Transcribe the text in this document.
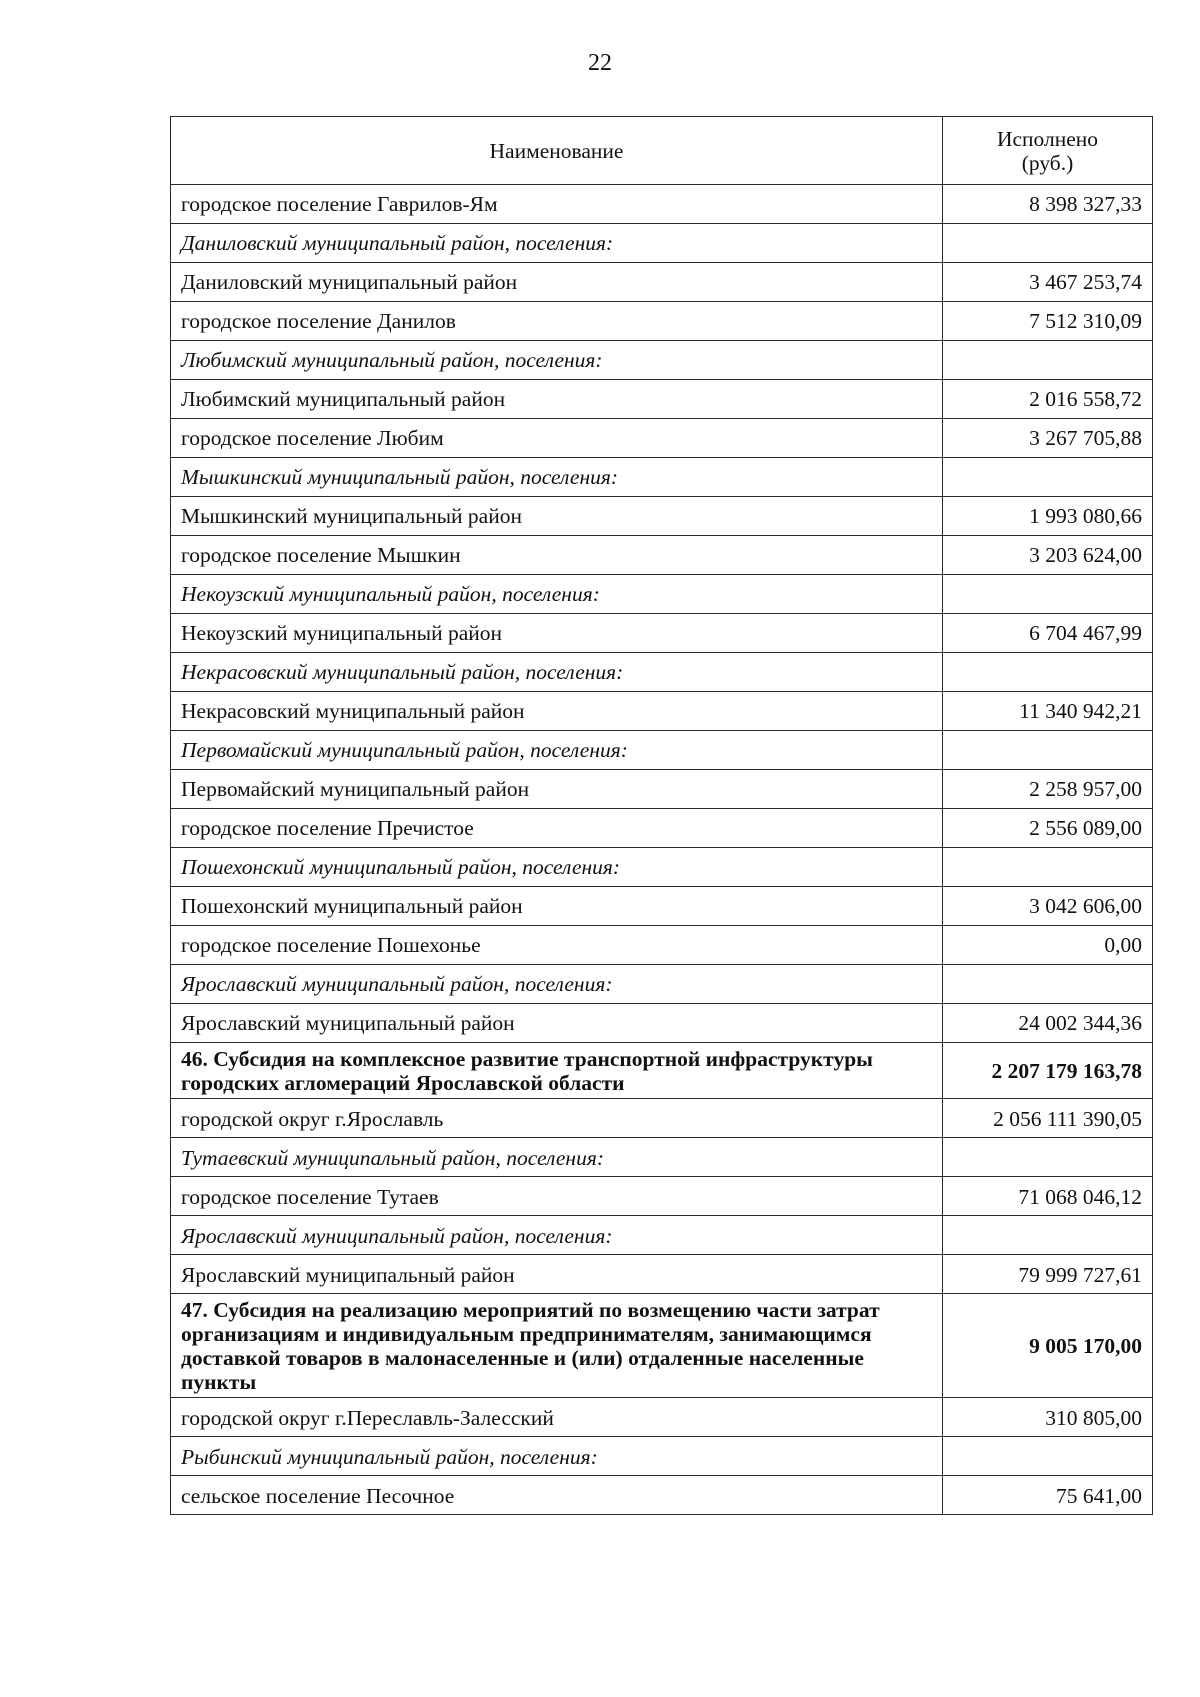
22
Наименование	Исполнено (руб.)
городское поселение Гаврилов-Ям	8 398 327,33
Даниловский муниципальный район, поселения:	
Даниловский муниципальный район	3 467 253,74
городское поселение Данилов	7 512 310,09
Любимский муниципальный район, поселения:	
Любимский муниципальный район	2 016 558,72
городское поселение Любим	3 267 705,88
Мышкинский муниципальный район, поселения:	
Мышкинский муниципальный район	1 993 080,66
городское поселение Мышкин	3 203 624,00
Некоузский муниципальный район, поселения:	
Некоузский муниципальный район	6 704 467,99
Некрасовский муниципальный район, поселения:	
Некрасовский муниципальный район	11 340 942,21
Первомайский муниципальный район, поселения:	
Первомайский муниципальный район	2 258 957,00
городское поселение Пречистое	2 556 089,00
Пошехонский муниципальный район, поселения:	
Пошехонский муниципальный район	3 042 606,00
городское поселение Пошехонье	0,00
Ярославский муниципальный район, поселения:	
Ярославский муниципальный район	24 002 344,36
46. Субсидия на комплексное развитие транспортной инфраструктуры городских агломераций Ярославской области	2 207 179 163,78
городской округ г.Ярославль	2 056 111 390,05
Тутаевский муниципальный район, поселения:	
городское поселение Тутаев	71 068 046,12
Ярославский муниципальный район, поселения:	
Ярославский муниципальный район	79 999 727,61
47. Субсидия на реализацию мероприятий по возмещению части затрат организациям и индивидуальным предпринимателям, занимающимся доставкой товаров в малонаселенные и (или) отдаленные населенные пункты	9 005 170,00
городской округ г.Переславль-Залесский	310 805,00
Рыбинский муниципальный район, поселения:	
сельское поселение Песочное	75 641,00
